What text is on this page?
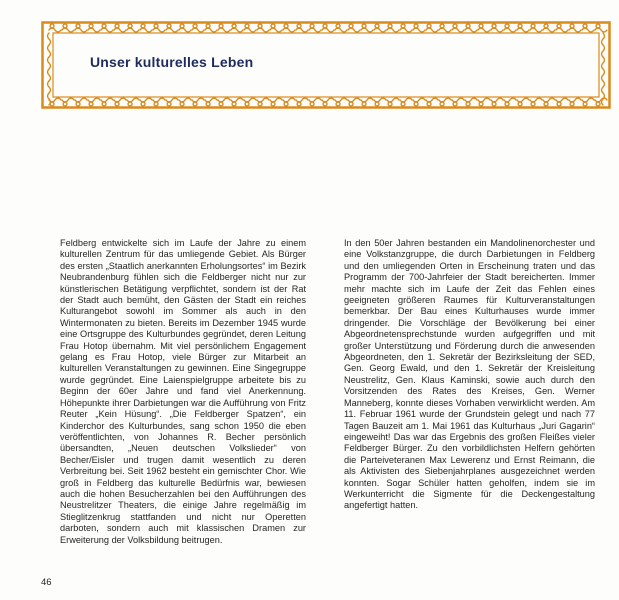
Unser kulturelles Leben

Feldberg entwickelte sich im Laufe der Jahre zu einem kulturellen Zentrum für das umliegende Gebiet. Als Bürger des ersten „Staatlich anerkannten Erholungsortes“ im Bezirk Neubrandenburg fühlen sich die Feldberger nicht nur zur künstlerischen Betätigung verpflichtet, sondern ist der Rat der Stadt auch bemüht, den Gästen der Stadt ein reiches Kulturangebot sowohl im Sommer als auch in den Wintermonaten zu bieten. Bereits im Dezember 1945 wurde eine Ortsgruppe des Kulturbundes gegründet, deren Leitung Frau Hotop übernahm. Mit viel persönlichem Engagement gelang es Frau Hotop, viele Bürger zur Mitarbeit an kulturellen Veranstaltungen zu gewinnen. Eine Singegruppe wurde gegründet. Eine Laienspielgruppe arbeitete bis zu Beginn der 60er Jahre und fand viel Anerkennung. Höhepunkte ihrer Darbietungen war die Aufführung von Fritz Reuter „Kein Hüsung“. „Die Feldberger Spatzen“, ein Kinderchor des Kulturbundes, sang schon 1950 die eben veröffentlichten, von Johannes R. Becher persönlich übersandten, „Neuen deutschen Volkslieder“ von Becher/Eisler und trugen damit wesentlich zu deren Verbreitung bei. Seit 1962 besteht ein gemischter Chor. Wie groß in Feldberg das kulturelle Bedürfnis war, bewiesen auch die hohen Besucherzahlen bei den Aufführungen des Neustrelitzer Theaters, die einige Jahre regelmäßig im Stieglitzenkrug stattfanden und nicht nur Operetten darboten, sondern auch mit klassischen Dramen zur Erweiterung der Volksbildung beitrugen.

In den 50er Jahren bestanden ein Mandolinenorchester und eine Volkstanzgruppe, die durch Darbietungen in Feldberg und den umliegenden Orten in Erscheinung traten und das Programm der 700-Jahrfeier der Stadt bereicherten. Immer mehr machte sich im Laufe der Zeit das Fehlen eines geeigneten größeren Raumes für Kulturveranstaltungen bemerkbar. Der Bau eines Kulturhauses wurde immer dringender. Die Vorschläge der Bevölkerung bei einer Abgeordnetensprechstunde wurden aufgegriffen und mit großer Unterstützung und Förderung durch die anwesenden Abgeordneten, den 1. Sekretär der Bezirksleitung der SED, Gen. Georg Ewald, und den 1. Sekretär der Kreisleitung Neustrelitz, Gen. Klaus Kaminski, sowie auch durch den Vorsitzenden des Rates des Kreises, Gen. Werner Manneberg, konnte dieses Vorhaben verwirklicht werden. Am 11. Februar 1961 wurde der Grundstein gelegt und nach 77 Tagen Bauzeit am 1. Mai 1961 das Kulturhaus „Juri Gagarin“ eingeweiht! Das war das Ergebnis des großen Fleißes vieler Feldberger Bürger. Zu den vorbildlichsten Helfern gehörten die Parteiveteranen Max Lewerenz und Ernst Reimann, die als Aktivisten des Siebenjahrplanes ausgezeichnet werden konnten. Sogar Schüler hatten geholfen, indem sie im Werkunterricht die Sigmente für die Deckengestaltung angefertigt hatten.

46
